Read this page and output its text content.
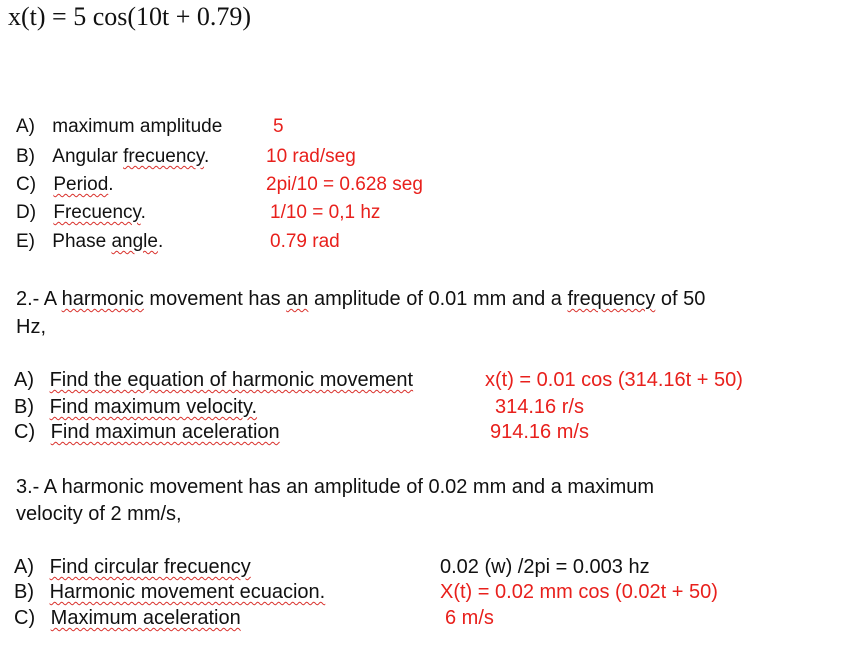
x(t) = 5 cos(10t + 0.79)
A) maximum amplitude	5
B) Angular frecuency.	10 rad/seg
C) Period.	2pi/10 = 0.628 seg
D) Frecuency.	1/10 = 0,1 hz
E) Phase angle.	0.79 rad
2.- A harmonic movement has an amplitude of 0.01 mm and a frequency of 50
Hz,
A) Find the equation of harmonic movement	x(t) = 0.01 cos (314.16t + 50)
B) Find maximum velocity.	314.16 r/s
C) Find maximun aceleration	914.16 m/s
3.- A harmonic movement has an amplitude of 0.02 mm and a maximum
velocity of 2 mm/s,
A) Find circular frecuency	0.02 (w) /2pi = 0.003 hz
B) Harmonic movement ecuacion.	X(t) = 0.02 mm cos (0.02t + 50)
C) Maximum aceleration	6 m/s
